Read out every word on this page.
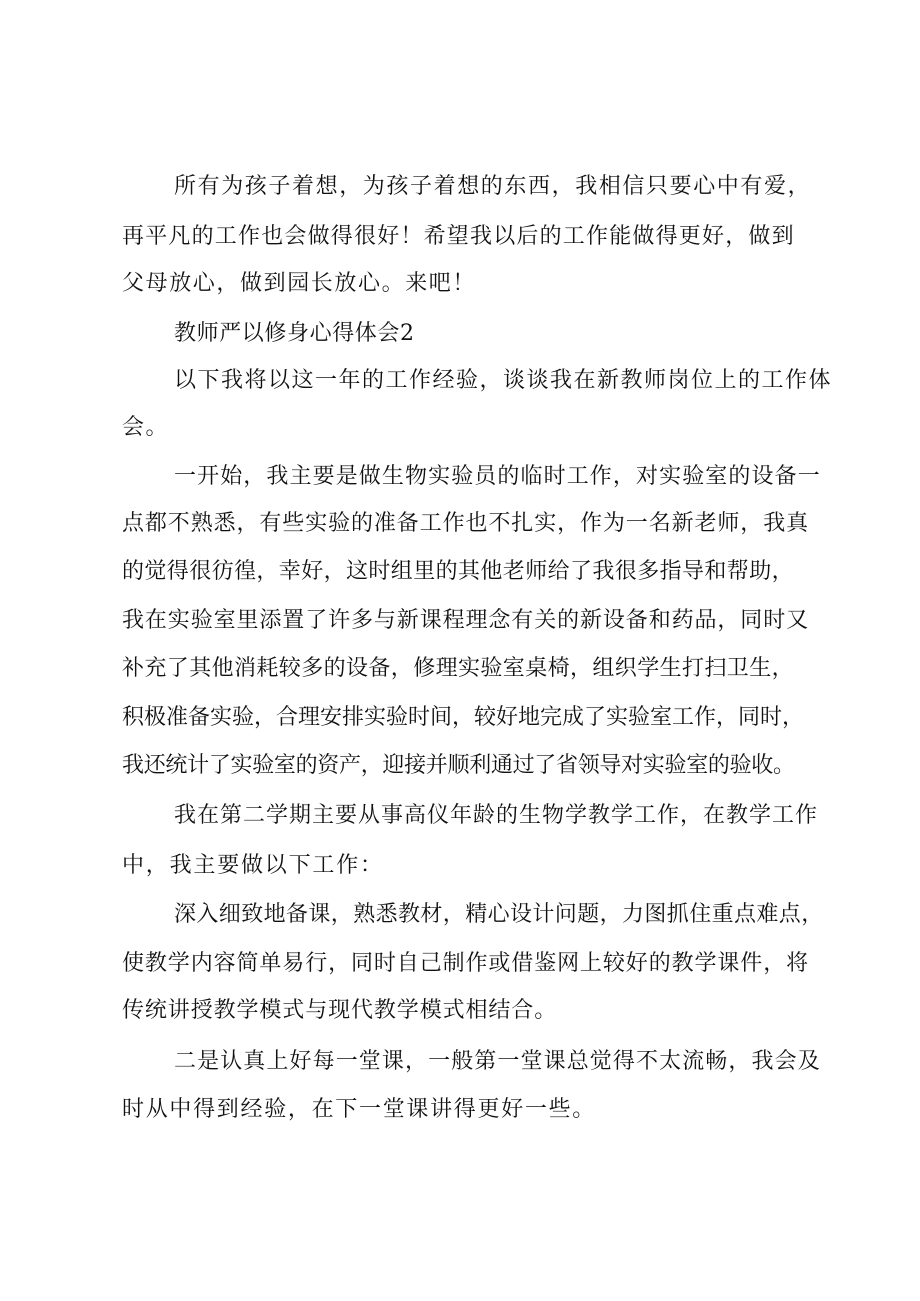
所有为孩子着想，为孩子着想的东西，我相信只要心中有爱，
再平凡的工作也会做得很好！希望我以后的工作能做得更好，做到
父母放心，做到园长放心。来吧！
教师严以修身心得体会2
以下我将以这一年的工作经验，谈谈我在新教师岗位上的工作体
会。
一开始，我主要是做生物实验员的临时工作，对实验室的设备一
点都不熟悉，有些实验的准备工作也不扎实，作为一名新老师，我真
的觉得很彷徨，幸好，这时组里的其他老师给了我很多指导和帮助，
我在实验室里添置了许多与新课程理念有关的新设备和药品，同时又
补充了其他消耗较多的设备，修理实验室桌椅，组织学生打扫卫生，
积极准备实验，合理安排实验时间，较好地完成了实验室工作，同时，
我还统计了实验室的资产，迎接并顺利通过了省领导对实验室的验收。
我在第二学期主要从事高仪年龄的生物学教学工作，在教学工作
中，我主要做以下工作：
深入细致地备课，熟悉教材，精心设计问题，力图抓住重点难点，
使教学内容简单易行，同时自己制作或借鉴网上较好的教学课件，将
传统讲授教学模式与现代教学模式相结合。
二是认真上好每一堂课，一般第一堂课总觉得不太流畅，我会及
时从中得到经验，在下一堂课讲得更好一些。
